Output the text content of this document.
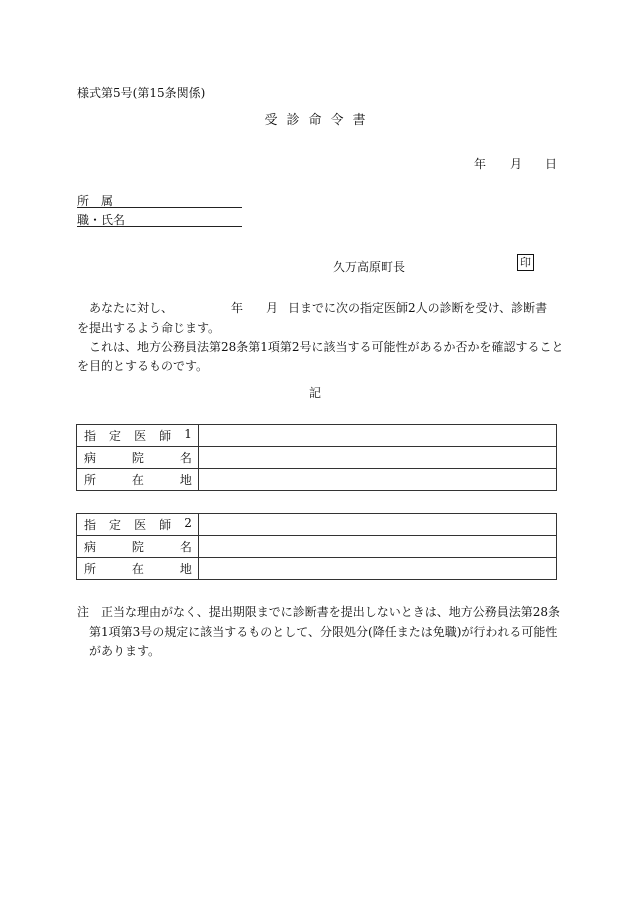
様式第5号(第15条関係)
受診命令書
年 月 日
所　属
職・氏名
久万高原町長	印
あなたに対し、	年 月 日までに次の指定医師2人の診断を受け、診断書
を提出するよう命じます。
これは、地方公務員法第28条第1項第2号に該当する可能性があるか否かを確認すること
を目的とするものです。
記
指 定 医 師 1	

病 院 名	

所 在 地	

指 定 医 師 2	

病 院 名	

所 在 地	

注 正当な理由がなく、提出期限までに診断書を提出しないときは、地方公務員法第28条
第1項第3号の規定に該当するものとして、分限処分(降任または免職)が行われる可能性
があります。
